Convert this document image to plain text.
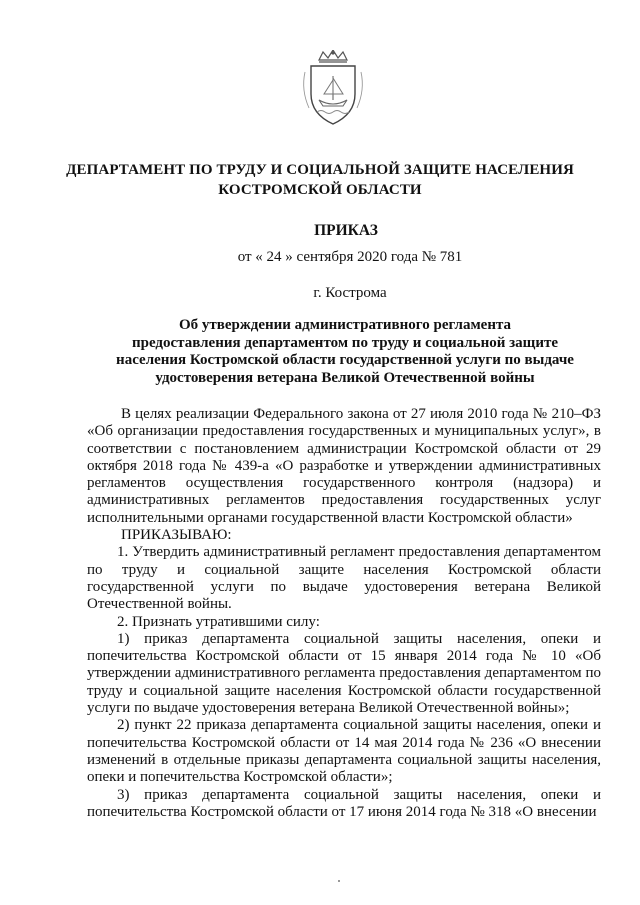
ДЕПАРТАМЕНТ ПО ТРУДУ И СОЦИАЛЬНОЙ ЗАЩИТЕ НАСЕЛЕНИЯ
КОСТРОМСКОЙ ОБЛАСТИ
ПРИКАЗ
от « 24 » сентября 2020 года № 781
г. Кострома
Об утверждении административного регламента
предоставления департаментом по труду и социальной защите
населения Костромской области государственной услуги по выдаче
удостоверения ветерана Великой Отечественной войны

В целях реализации Федерального закона от 27 июля 2010 года № 210–ФЗ «Об организации предоставления государственных и муниципальных услуг», в соответствии с постановлением администрации Костромской области от 29 октября 2018 года № 439-а «О разработке и утверждении административных регламентов осуществления государственного контроля (надзора) и административных регламентов предоставления государственных услуг исполнительными органами государственной власти Костромской области»

ПРИКАЗЫВАЮ:

1. Утвердить административный регламент предоставления департаментом по труду и социальной защите населения Костромской области государственной услуги по выдаче удостоверения ветерана Великой Отечественной войны.

2. Признать утратившими силу:

1) приказ департамента социальной защиты населения, опеки и попечительства Костромской области от 15 января 2014 года № 10 «Об утверждении административного регламента предоставления департаментом по труду и социальной защите населения Костромской области государственной услуги по выдаче удостоверения ветерана Великой Отечественной войны»;

2) пункт 22 приказа департамента социальной защиты населения, опеки и попечительства Костромской области от 14 мая 2014 года № 236 «О внесении изменений в отдельные приказы департамента социальной защиты населения, опеки и попечительства Костромской области»;

3) приказ департамента социальной защиты населения, опеки и попечительства Костромской области от 17 июня 2014 года № 318 «О внесении
